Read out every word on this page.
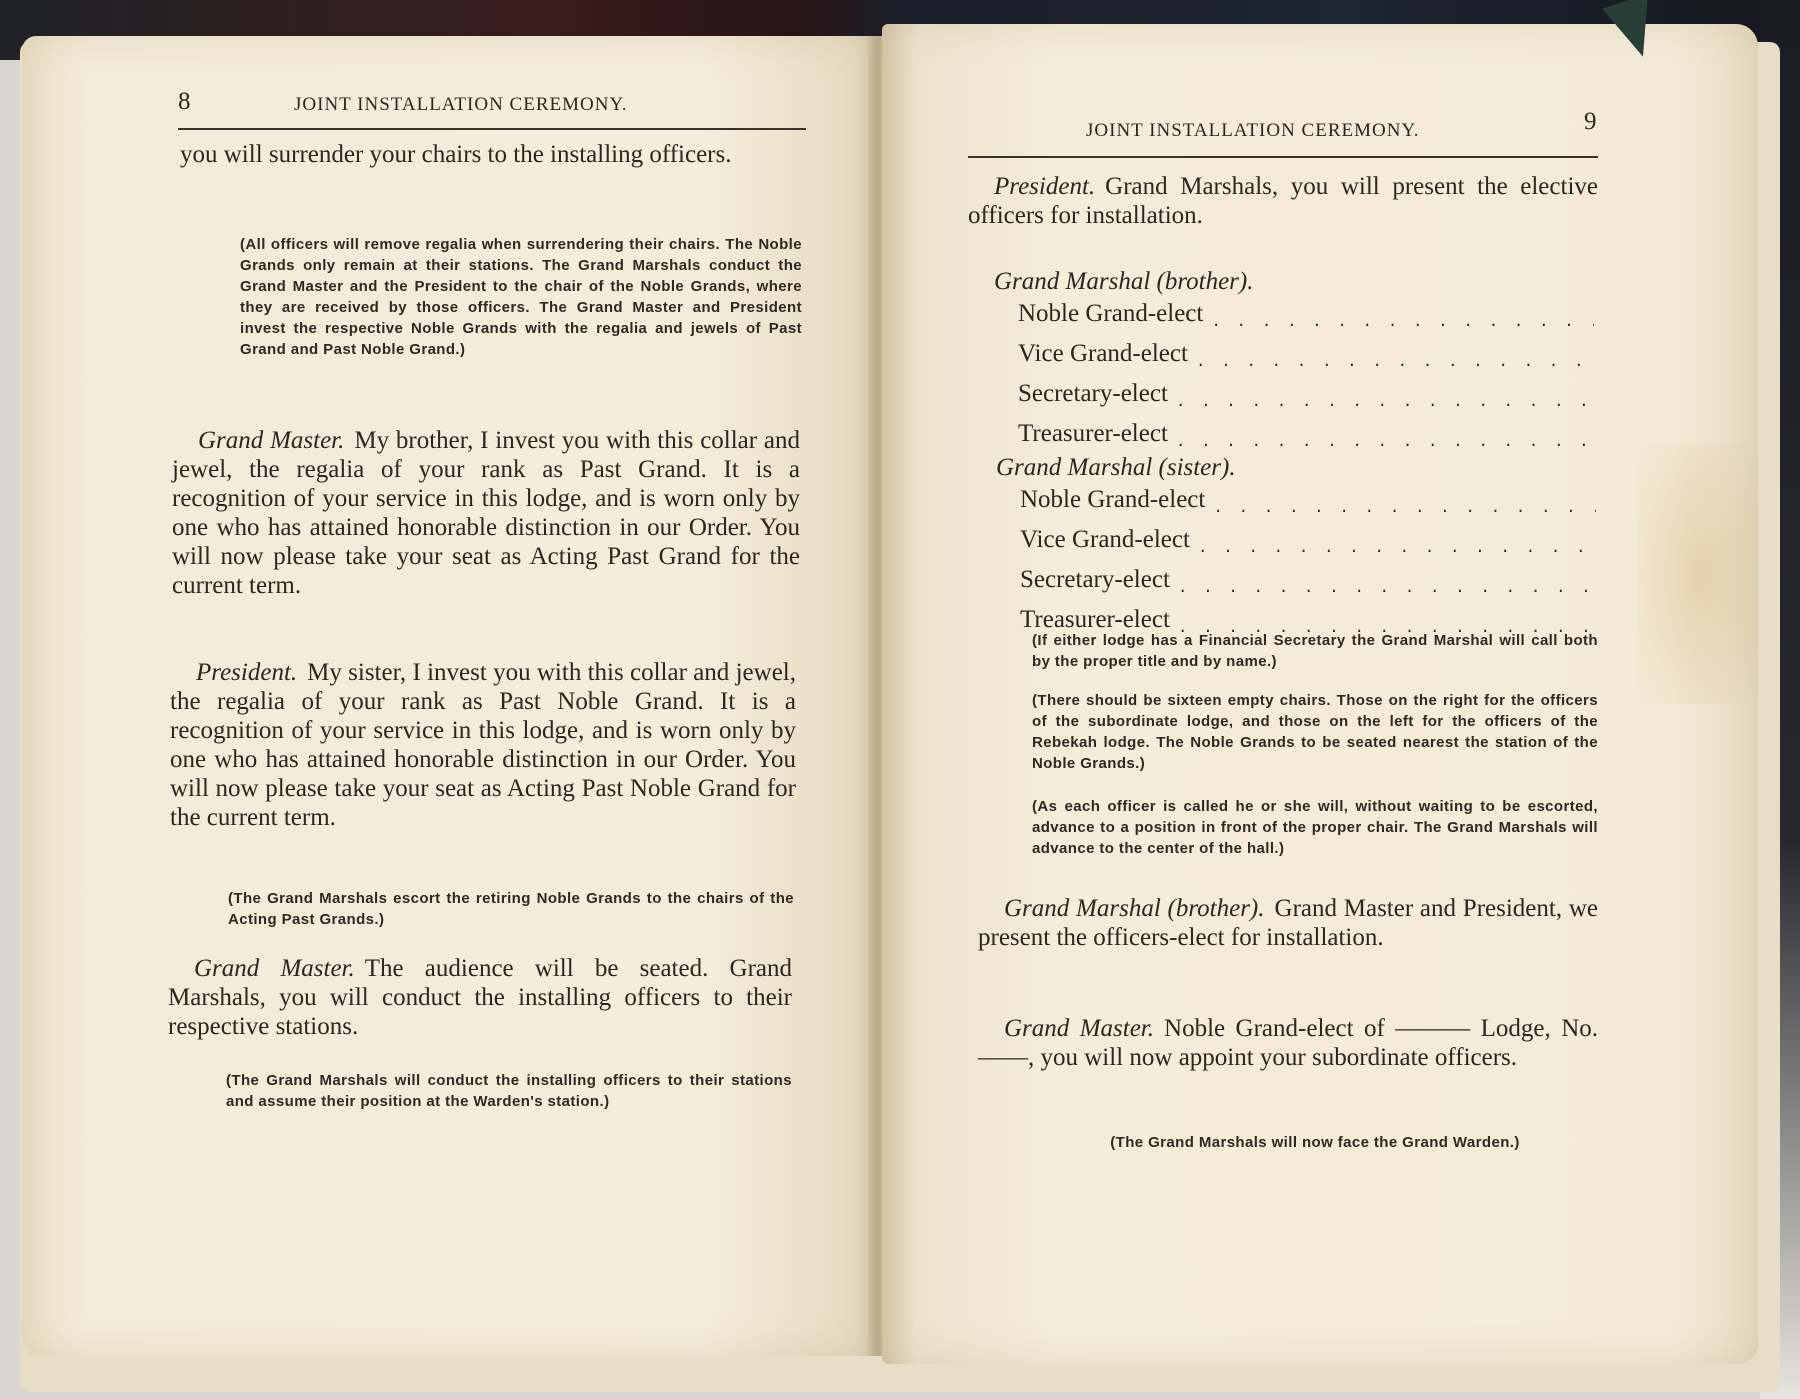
8	JOINT INSTALLATION CEREMONY.

you will surrender your chairs to the installing officers.

(All officers will remove regalia when surrendering their chairs. The Noble Grands only remain at their stations. The Grand Marshals conduct the Grand Master and the President to the chair of the Noble Grands, where they are received by those officers. The Grand Master and President invest the respective Noble Grands with the regalia and jewels of Past Grand and Past Noble Grand.)

Grand Master. My brother, I invest you with this collar and jewel, the regalia of your rank as Past Grand. It is a recognition of your service in this lodge, and is worn only by one who has attained honorable distinction in our Order. You will now please take your seat as Acting Past Grand for the current term.

President. My sister, I invest you with this collar and jewel, the regalia of your rank as Past Noble Grand. It is a recognition of your service in this lodge, and is worn only by one who has attained honorable distinction in our Order. You will now please take your seat as Acting Past Noble Grand for the current term.

(The Grand Marshals escort the retiring Noble Grands to the chairs of the Acting Past Grands.)

Grand Master. The audience will be seated. Grand Marshals, you will conduct the installing officers to their respective stations.

(The Grand Marshals will conduct the installing officers to their stations and assume their position at the Warden's station.)

JOINT INSTALLATION CEREMONY.	9

President. Grand Marshals, you will present the elective officers for installation.

Grand Marshal (brother).
Noble Grand-elect
. . .
Vice Grand-elect
. . .
Secretary-elect
. . .
Treasurer-elect
. . .
Grand Marshal (sister).
Noble Grand-elect
. . .
Vice Grand-elect
. . .
Secretary-elect
. . .
Treasurer-elect
. . .

(If either lodge has a Financial Secretary the Grand Marshal will call both by the proper title and by name.)

(There should be sixteen empty chairs. Those on the right for the officers of the subordinate lodge, and those on the left for the officers of the Rebekah lodge. The Noble Grands to be seated nearest the station of the Noble Grands.)

(As each officer is called he or she will, without waiting to be escorted, advance to a position in front of the proper chair. The Grand Marshals will advance to the center of the hall.)

Grand Marshal (brother). Grand Master and President, we present the officers-elect for installation.

Grand Master. Noble Grand-elect of ——— Lodge, No. ——, you will now appoint your subordinate officers.

(The Grand Marshals will now face the Grand Warden.)
